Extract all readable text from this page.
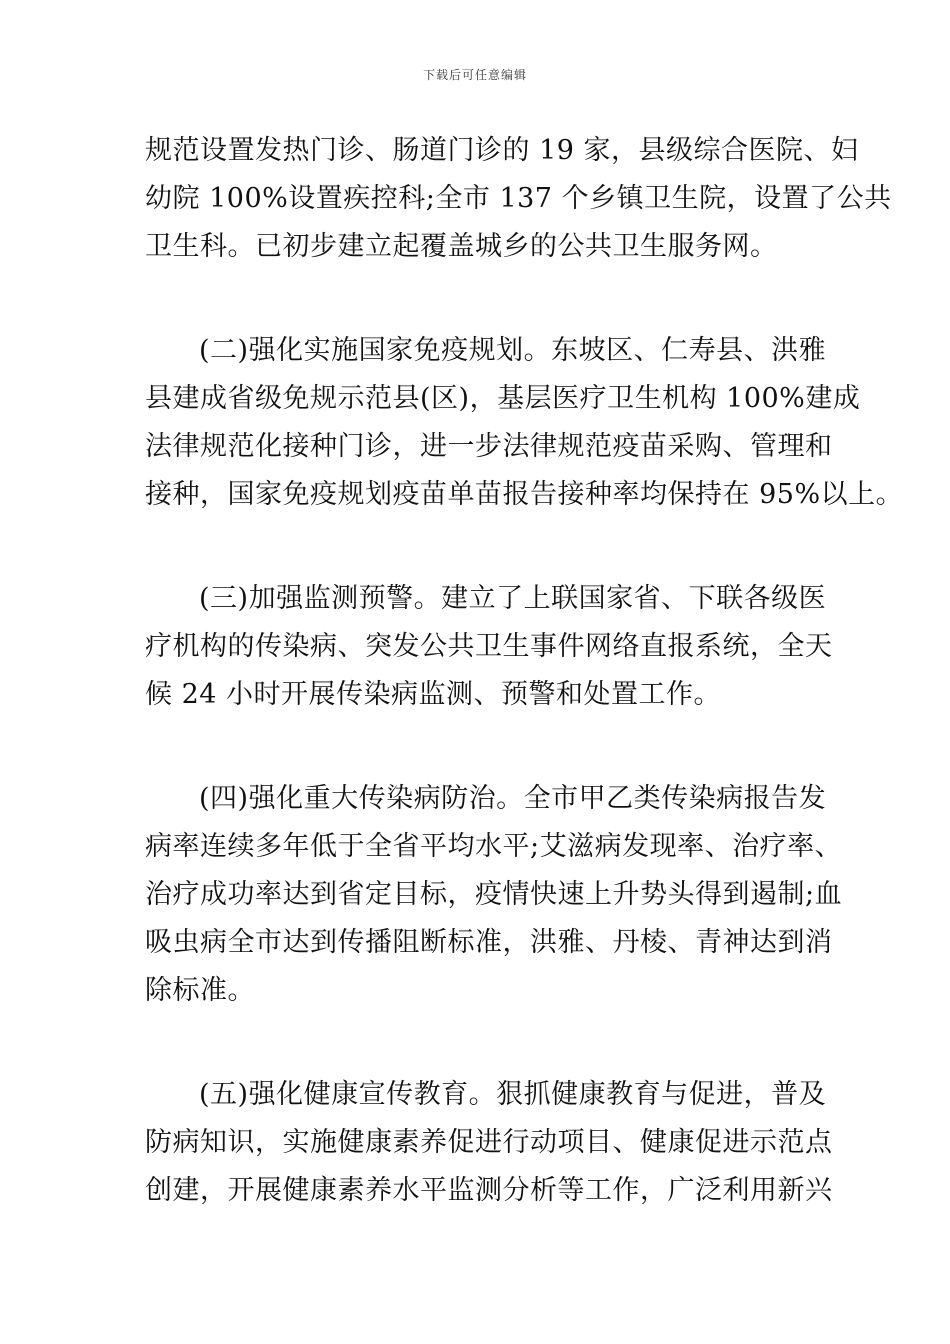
下载后可任意编辑
规范设置发热门诊、肠道门诊的 19 家，县级综合医院、妇
幼院 100%设置疾控科;全市 137 个乡镇卫生院，设置了公共
卫生科。已初步建立起覆盖城乡的公共卫生服务网。
(二)强化实施国家免疫规划。东坡区、仁寿县、洪雅
县建成省级免规示范县(区)，基层医疗卫生机构 100%建成
法律规范化接种门诊，进一步法律规范疫苗采购、管理和
接种，国家免疫规划疫苗单苗报告接种率均保持在 95%以上。
(三)加强监测预警。建立了上联国家省、下联各级医
疗机构的传染病、突发公共卫生事件网络直报系统，全天
候 24 小时开展传染病监测、预警和处置工作。
(四)强化重大传染病防治。全市甲乙类传染病报告发
病率连续多年低于全省平均水平;艾滋病发现率、治疗率、
治疗成功率达到省定目标，疫情快速上升势头得到遏制;血
吸虫病全市达到传播阻断标准，洪雅、丹棱、青神达到消
除标准。
(五)强化健康宣传教育。狠抓健康教育与促进，普及
防病知识，实施健康素养促进行动项目、健康促进示范点
创建，开展健康素养水平监测分析等工作，广泛利用新兴
